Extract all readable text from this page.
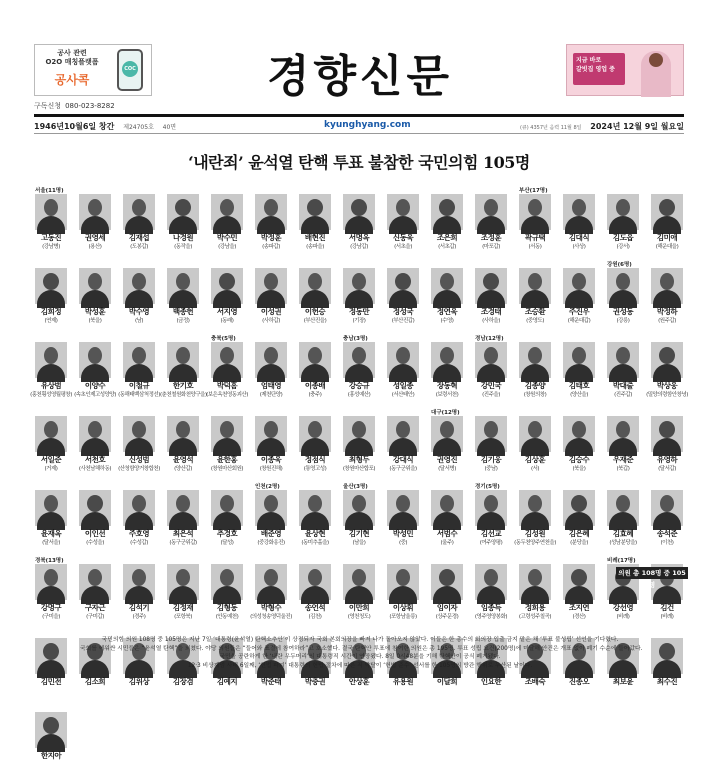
공사 관련
O2O 매칭플랫폼
공사콕
COC
구독신청 080-023-8282
경향신문	지금 바로
갈빗집 영업 중
1946년10월6일 창간 제24705호 40면	kyunghyang.com	(큐) 4357년 음력 11월 8일 2024년 12월 9일 월요일
‘내란죄’ 윤석열 탄핵 투표 불참한 국민의힘 105명
고동진
(강남병)
권영세
(용산)
김재섭
(도봉갑)
나경원
(동작을)
박수민
(강남을)
박정훈
(송파갑)
배현진
(송파을)
서명옥
(강남갑)
신동욱
(서초을)
조은희
(서초갑)
조정훈
(마포갑)
곽규택
(서동)
김대식
(사상)
김도읍
(강서)
김미애
(해운대을)
김희정
(연제)
박성훈
(북을)
박수영
(남)
백종헌
(금정)
서지영
(동래)
이성권
(사하갑)
이헌승
(부산진을)
정동만
(기장)
정성국
(부산진갑)
정연욱
(수영)
조경태
(사하을)
조승환
(중영도)
주진우
(해운대갑)
권성동
(강릉)
박정하
(원주갑)
유상범
(홍천횡성영월평창)
이양수
(속초인제고성양양)
이철규
(동해태백삼척정선)
한기호
(춘천철원화천양구을)
박덕흠
(보은옥천영동괴산)
엄태영
(제천단양)
이종배
(충주)
강승규
(홍성예산)
성일종
(서산태안)
장동혁
(보령서천)
강민국
(진주을)
김종양
(창원의창)
김태호
(양산을)
박대출
(진주갑)
박상웅
(밀양의령함안창녕)
서일준
(거제)
서천호
(사천남해하동)
신성범
(산청함양거창합천)
윤영석
(양산갑)
윤한홍
(창원마산회원)
이종욱
(창원진해)
정점식
(통영고성)
최형두
(창원마산합포)
강대식
(동구군위을)
권영진
(달서병)
김기웅
(중남)
김상훈
(서)
김승수
(북을)
우재준
(북갑)
유영하
(달서갑)
윤재옥
(달서을)
이인선
(수성을)
주호영
(수성갑)
최은석
(동구군위갑)
추경호
(달성)
배준영
(중강화옹진)
윤상현
(동미추홀을)
김기현
(남을)
박성민
(중)
서범수
(울주)
김선교
(여주양평)
김성원
(동두천양주연천을)
김은혜
(분당을)
김효혜
(성남분당을)
송석준
(이천)
강명구
(구미을)
구자근
(구미갑)
김석기
(경주)
김정재
(포항북)
김형동
(안동예천)
박형수
(의성청송영덕울진)
송언석
(김천)
이만희
(영천청도)
이상휘
(포항남울릉)
임이자
(상주문경)
임종득
(영주영양봉화)
정희용
(고령성주칠곡)
조지연
(경산)
강선영
(비례)
김건
(비례)
김민전	김소희	김위상	김장겸	김예지	박준태	박충권	안상훈	유용원	이달희	인요한	조배숙	진종오	최보윤	최수진
한지아
서울(11명)	부산(17명)
강원(6명)
충북(5명)	충남(3명)	경남(12명)
대구(12명)
인천(2명)	울산(3명)	경기(5명)
경북(13명)	비례(17명)
의원 총 108명 중 105명

국민의힘 의원 108명 중 105명은 지난 7일 ‘대통령(윤석열) 탄핵소추안’이 상정되자 국회 본회의장을 빠져 나가 돌아오지 않았다. 이들은 한 총수의 회의장 입출 금지 맡은 채 ‘투표 불성립’ 선언을 기다렸다.

국회를 에워싼 시민들은 “윤석열 탄핵”을 외쳤다. 야당 의원들은 “들어와 표결에 참여하라”고 호소했다. 결국 탄핵안 투표에 참여한 의원은 총 195명. 투표 성립 요건(200명)에 미달해 안건은 개표 없이 폐기 수순에 들어갔다.

국민을 공란하게 한 ‘내란 우두머리’의 대통령직 시간이 연장됐다. 8일 0시48분을 기해 탄핵안이 공식 폐기됐다.

12·3 비상계엄 사태 6일째, ‘헌법 파괴’ 대통령의 헌법 절차에 따른 직 박탈이 ‘헌법 준수’ 선서를 한 105명의 방관 행위로 무산된 날이다.
